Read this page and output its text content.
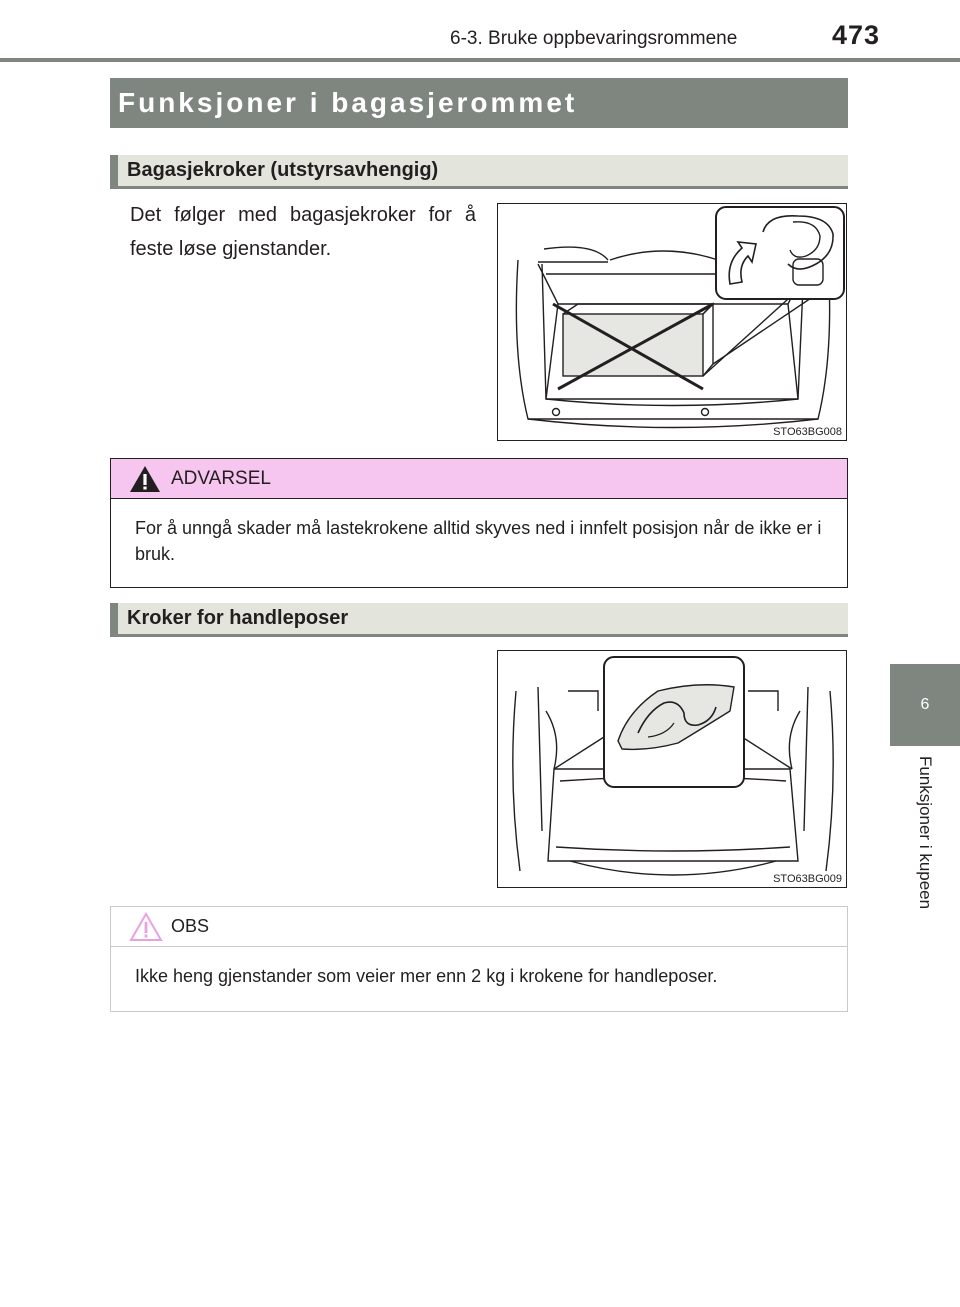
6-3. Bruke oppbevaringsrommene	473
6
Funksjoner i kupeen
Funksjoner i bagasjerommet
Bagasjekroker (utstyrsavhengig)
Det følger med bagasjekroker for å feste løse gjenstander.
STO63BG008
ADVARSEL
For å unngå skader må lastekrokene alltid skyves ned i innfelt posisjon når de ikke er i bruk.
Kroker for handleposer
STO63BG009
OBS
Ikke heng gjenstander som veier mer enn 2 kg i krokene for handleposer.
